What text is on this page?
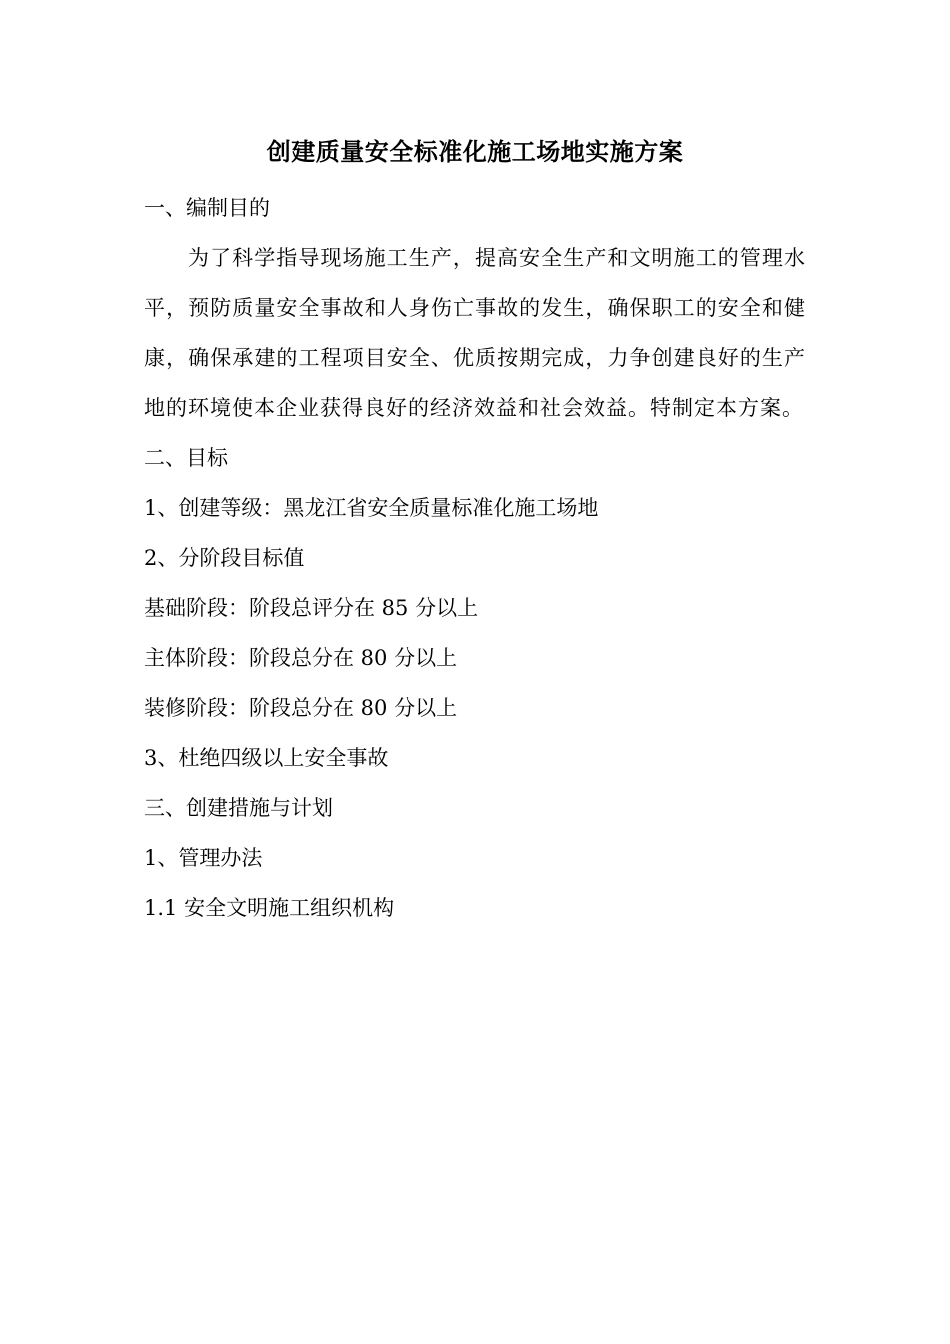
创建质量安全标准化施工场地实施方案
一、编制目的
为了科学指导现场施工生产，提高安全生产和文明施工的管理水平，预防质量安全事故和人身伤亡事故的发生，确保职工的安全和健康，确保承建的工程项目安全、优质按期完成，力争创建良好的生产地的环境使本企业获得良好的经济效益和社会效益。特制定本方案。
二、目标
1、创建等级：黑龙江省安全质量标准化施工场地
2、分阶段目标值
基础阶段：阶段总评分在 85 分以上
主体阶段：阶段总分在 80 分以上
装修阶段：阶段总分在 80 分以上
3、杜绝四级以上安全事故
三、创建措施与计划
1、管理办法
1.1 安全文明施工组织机构
